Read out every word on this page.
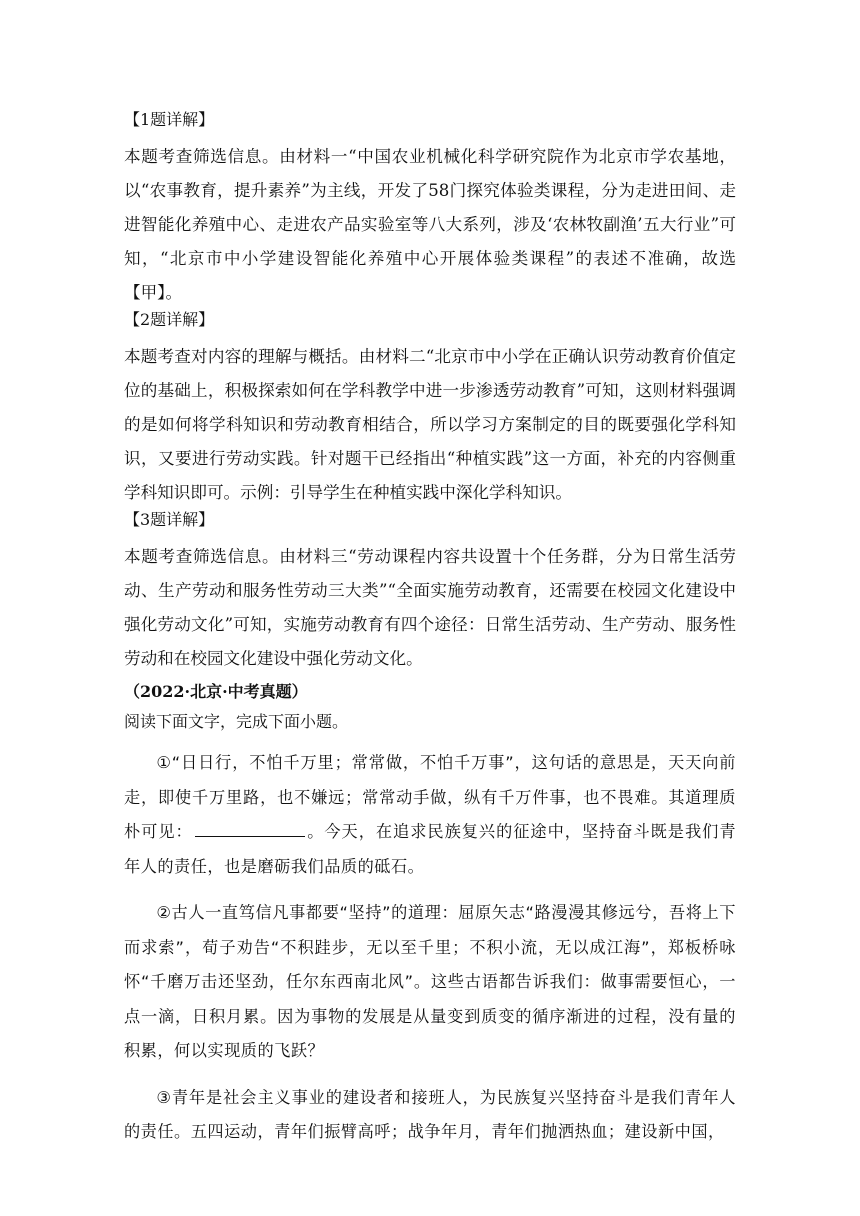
【1题详解】

本题考查筛选信息。由材料一“中国农业机械化科学研究院作为北京市学农基地，以“农事教育，提升素养”为主线，开发了58门探究体验类课程，分为走进田间、走进智能化养殖中心、走进农产品实验室等八大系列，涉及‘农林牧副渔’五大行业”可知，“北京市中小学建设智能化养殖中心开展体验类课程”的表述不准确，故选【甲】。

【2题详解】

本题考查对内容的理解与概括。由材料二“北京市中小学在正确认识劳动教育价值定位的基础上，积极探索如何在学科教学中进一步渗透劳动教育”可知，这则材料强调的是如何将学科知识和劳动教育相结合，所以学习方案制定的目的既要强化学科知识，又要进行劳动实践。针对题干已经指出“种植实践”这一方面，补充的内容侧重学科知识即可。示例：引导学生在种植实践中深化学科知识。

【3题详解】

本题考查筛选信息。由材料三“劳动课程内容共设置十个任务群，分为日常生活劳动、生产劳动和服务性劳动三大类”“全面实施劳动教育，还需要在校园文化建设中强化劳动文化”可知，实施劳动教育有四个途径：日常生活劳动、生产劳动、服务性劳动和在校园文化建设中强化劳动文化。

（2022·北京·中考真题）
阅读下面文字，完成下面小题。

①“日日行，不怕千万里；常常做，不怕千万事”，这句话的意思是，天天向前走，即使千万里路，也不嫌远；常常动手做，纵有千万件事，也不畏难。其道理质朴可见：	。今天，在追求民族复兴的征途中，坚持奋斗既是我们青年人的责任，也是磨砺我们品质的砥石。

②古人一直笃信凡事都要“坚持”的道理：屈原矢志“路漫漫其修远兮，吾将上下而求索”，荀子劝告“不积跬步，无以至千里；不积小流，无以成江海”，郑板桥咏怀“千磨万击还坚劲，任尔东西南北风”。这些古语都告诉我们：做事需要恒心，一点一滴，日积月累。因为事物的发展是从量变到质变的循序渐进的过程，没有量的积累，何以实现质的飞跃？

③青年是社会主义事业的建设者和接班人，为民族复兴坚持奋斗是我们青年人的责任。五四运动，青年们振臂高呼；战争年月，青年们抛洒热血；建设新中国，
